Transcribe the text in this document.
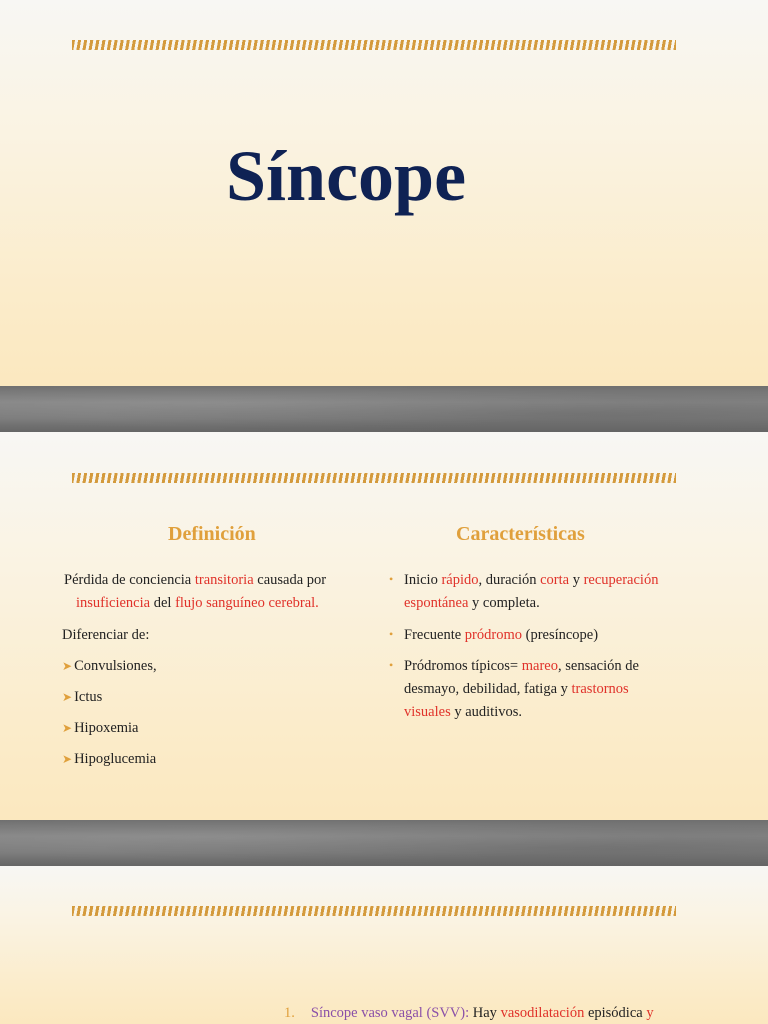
Síncope
Definición	Características
Pérdida de conciencia transitoria causada por
insuficiencia del flujo sanguíneo cerebral.
Diferenciar de:
➤ Convulsiones,
➤ Ictus
➤ Hipoxemia
➤ Hipoglucemia
• Inicio rápido, duración corta y recuperación
espontánea y completa.
• Frecuente pródromo (presíncope)
• Pródromos típicos= mareo, sensación de
desmayo, debilidad, fatiga y trastornos
visuales y auditivos.
1. Síncope vaso vagal (SVV): Hay vasodilatación episódica y
